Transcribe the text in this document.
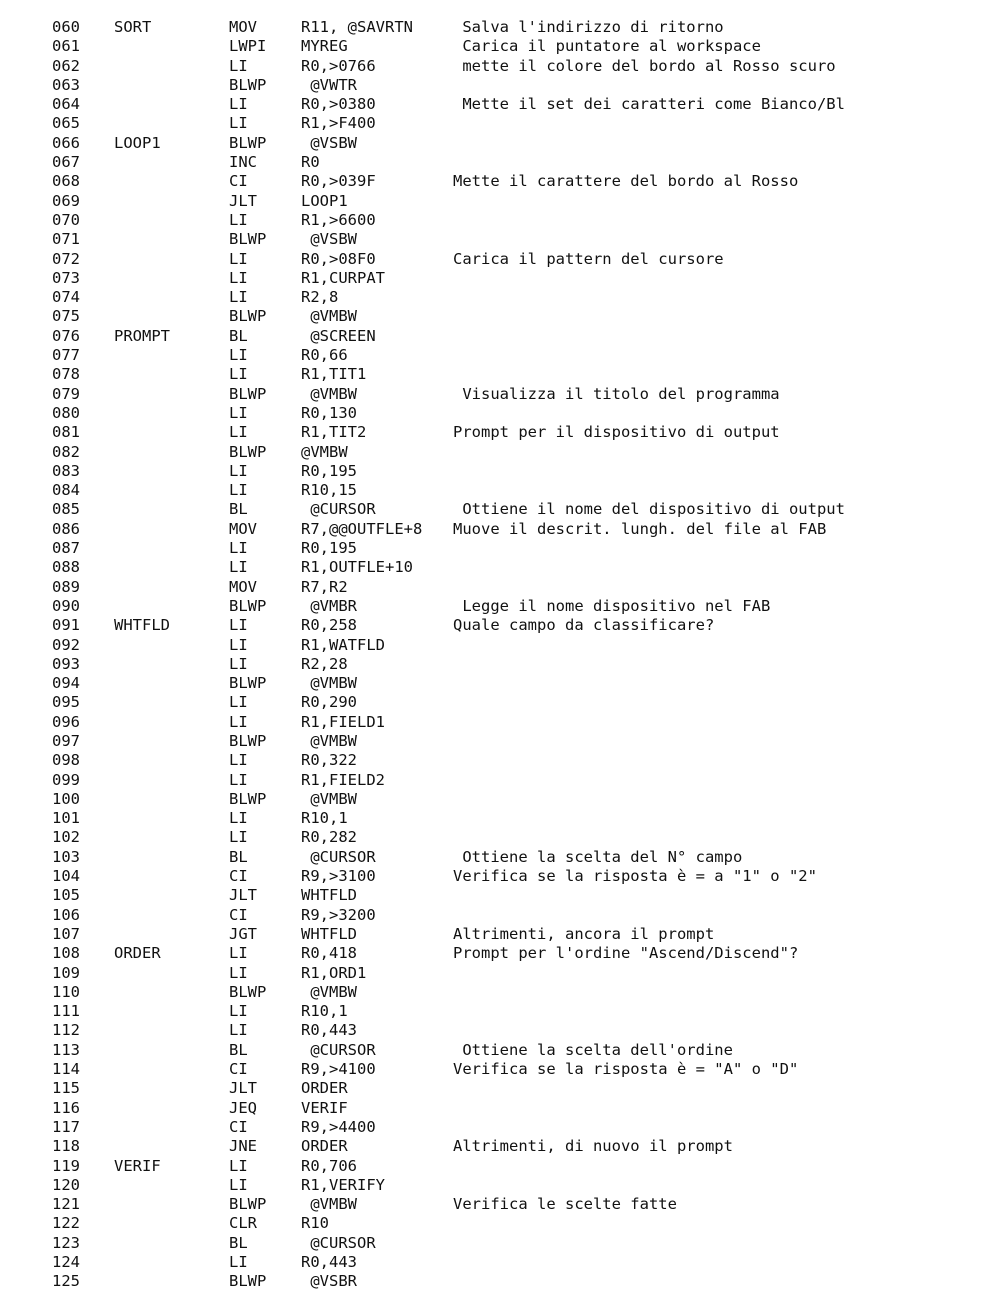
060 SORT	MOV	R11, @SAVRTN	Salva l'indirizzo di ritorno
061	LWPI MYREG	Carica il puntatore al workspace
062	LI	R0,>0766	mette il colore del bordo al Rosso scuro
063	BLWP @VWTR
064	LI	R0,>0380	Mette il set dei caratteri come Bianco/Bl
065	LI	R1,>F400
066 LOOP1	BLWP @VSBW
067	INC	R0
068	CI	R0,>039F	Mette il carattere del bordo al Rosso
069	JLT	LOOP1
070	LI	R1,>6600
071	BLWP @VSBW
072	LI	R0,>08F0	Carica il pattern del cursore
073	LI	R1,CURPAT
074	LI	R2,8
075	BLWP @VMBW
076 PROMPT	BL	@SCREEN
077	LI	R0,66
078	LI	R1,TIT1
079	BLWP @VMBW	Visualizza il titolo del programma
080	LI	R0,130
081	LI	R1,TIT2	Prompt per il dispositivo di output
082	BLWP @VMBW
083	LI	R0,195
084	LI	R10,15
085	BL	@CURSOR	Ottiene il nome del dispositivo di output
086	MOV	R7,@@OUTFLE+8 Muove il descrit. lungh. del file al FAB
087	LI	R0,195
088	LI	R1,OUTFLE+10
089	MOV	R7,R2
090	BLWP @VMBR	Legge il nome dispositivo nel FAB
091 WHTFLD	LI	R0,258	Quale campo da classificare?
092	LI	R1,WATFLD
093	LI	R2,28
094	BLWP @VMBW
095	LI	R0,290
096	LI	R1,FIELD1
097	BLWP @VMBW
098	LI	R0,322
099	LI	R1,FIELD2
100	BLWP @VMBW
101	LI	R10,1
102	LI	R0,282
103	BL	@CURSOR	Ottiene la scelta del N° campo
104	CI	R9,>3100	Verifica se la risposta è = a "1" o "2"
105	JLT	WHTFLD
106	CI	R9,>3200
107	JGT	WHTFLD	Altrimenti, ancora il prompt
108 ORDER	LI	R0,418	Prompt per l'ordine "Ascend/Discend"?
109	LI	R1,ORD1
110	BLWP @VMBW
111	LI	R10,1
112	LI	R0,443
113	BL	@CURSOR	Ottiene la scelta dell'ordine
114	CI	R9,>4100	Verifica se la risposta è = "A" o "D"
115	JLT	ORDER
116	JEQ	VERIF
117	CI	R9,>4400
118	JNE	ORDER	Altrimenti, di nuovo il prompt
119 VERIF	LI	R0,706
120	LI	R1,VERIFY
121	BLWP @VMBW	Verifica le scelte fatte
122	CLR	R10
123	BL	@CURSOR
124	LI	R0,443
125	BLWP @VSBR
